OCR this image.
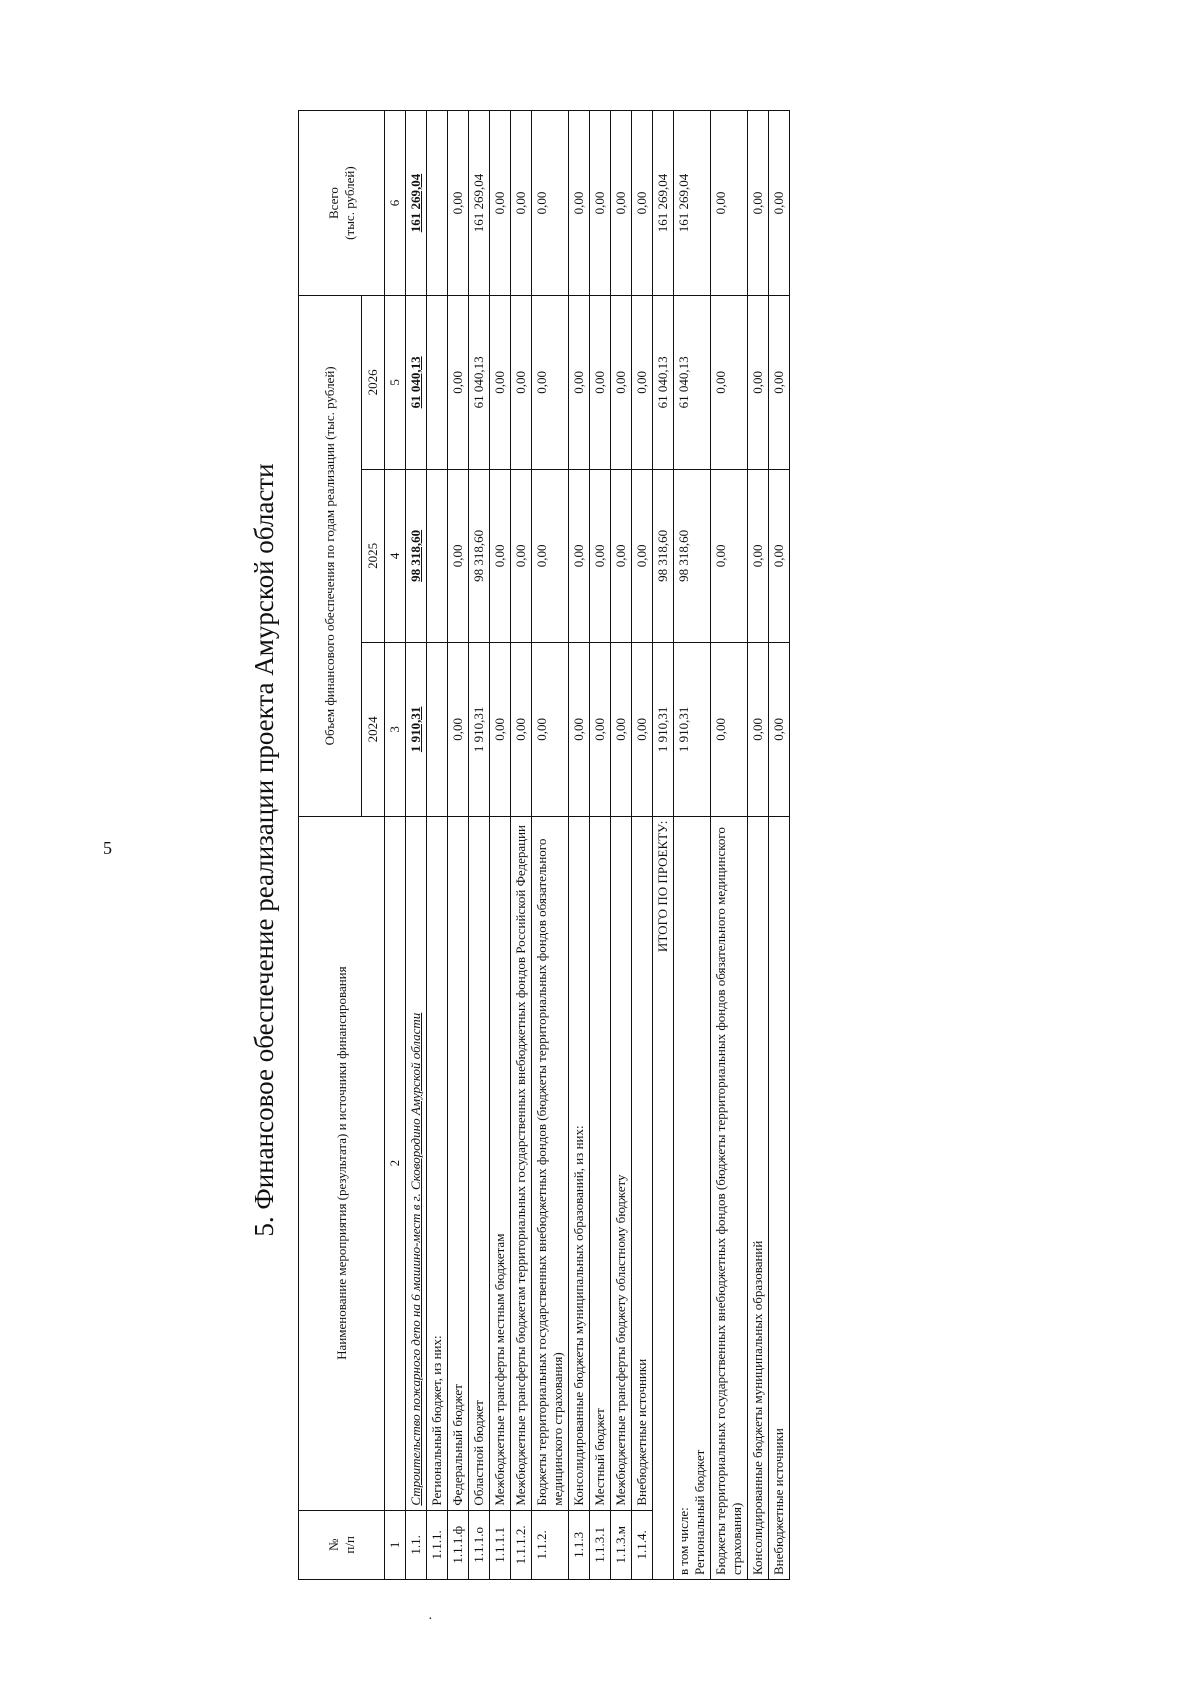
5
·
5. Финансовое обеспечение реализации проекта Амурской области
№
п/п	Наименование мероприятия (результата) и источники финансирования	Объем финансового обеспечения по годам реализации (тыс. рублей)			Всего
(тыс. рублей)
		2024	2025	2026	
1	2	3	4	5	6
1.1.	Строительство пожарного депо на 6 машино-мест в г. Сковородино Амурской области	1 910,31	98 318,60	61 040,13	161 269,04
1.1.1.	Региональный бюджет, из них:				
1.1.1.ф	Федеральный бюджет	0,00	0,00	0,00	0,00
1.1.1.о	Областной бюджет	1 910,31	98 318,60	61 040,13	161 269,04
1.1.1.1	Межбюджетные трансферты местным бюджетам	0,00	0,00	0,00	0,00
1.1.1.2.	Межбюджетные трансферты бюджетам территориальных государственных внебюджетных фондов Российской Федерации	0,00	0,00	0,00	0,00
1.1.2.	Бюджеты территориальных государственных внебюджетных фондов (бюджеты территориальных фондов обязательного медицинского страхования)	0,00	0,00	0,00	0,00
1.1.3	Консолидированные бюджеты муниципальных образований, из них:	0,00	0,00	0,00	0,00
1.1.3.1	Местный бюджет	0,00	0,00	0,00	0,00
1.1.3.м	Межбюджетные трансферты бюджету областному бюджету	0,00	0,00	0,00	0,00
1.1.4.	Внебюджетные источники	0,00	0,00	0,00	0,00
ИТОГО ПО ПРОЕКТУ:		1 910,31	98 318,60	61 040,13	161 269,04

в том числе: Региональный бюджет		1 910,31	98 318,60	61 040,13	161 269,04

Бюджеты территориальных государственных внебюджетных фондов (бюджеты территориальных фондов обязательного медицинского страхования)		0,00	0,00	0,00	0,00

Консолидированные бюджеты муниципальных образований		0,00	0,00	0,00	0,00

Внебюджетные источники		0,00	0,00	0,00	0,00
